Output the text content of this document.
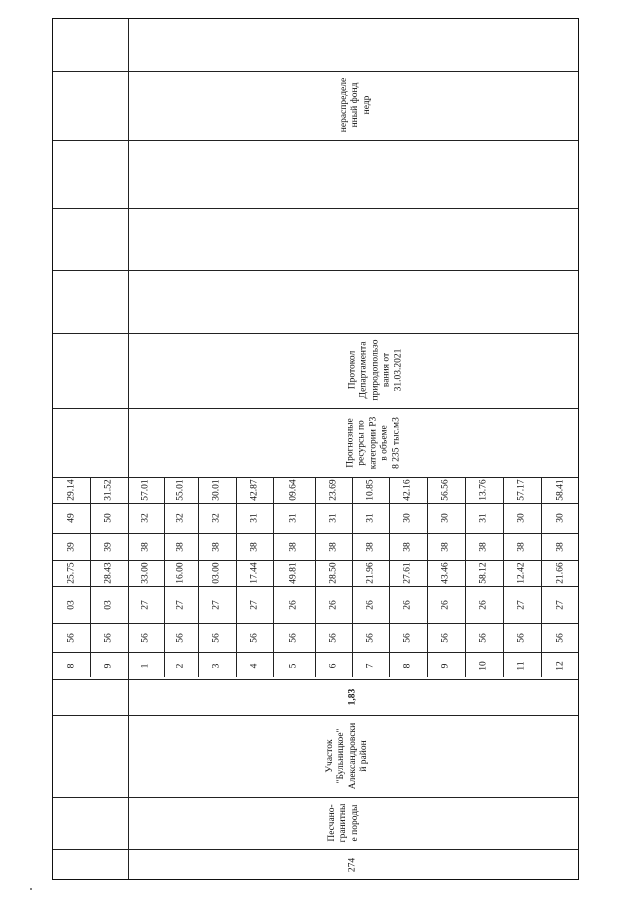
274
Песчано-
гранитны
е породы
Участок
"Бульницкое"
Александровски
й район
1,83
Прогнозные
ресурсы по
категории Р3
в объеме
8 235 тыс.м3
Протокол
Департамента
природопользо
вания от
31.03.2021
нераспределе
нный фонд
недр
8
56
03
25.75
39
49
29.14
9
56
03
28.43
39
50
31.52
1
56
27
33.00
38
32
57.01
2
56
27
16.00
38
32
55.01
3
56
27
03.00
38
32
30.01
4
56
27
17.44
38
31
42.87
5
56
26
49.81
38
31
09.64
6
56
26
28.50
38
31
23.69
7
56
26
21.96
38
31
10.85
8
56
26
27.61
38
30
42.16
9
56
26
43.46
38
30
56.56
10
56
26
58.12
38
31
13.76
11
56
27
12.42
38
30
57.17
12
56
27
21.66
38
30
58.41
